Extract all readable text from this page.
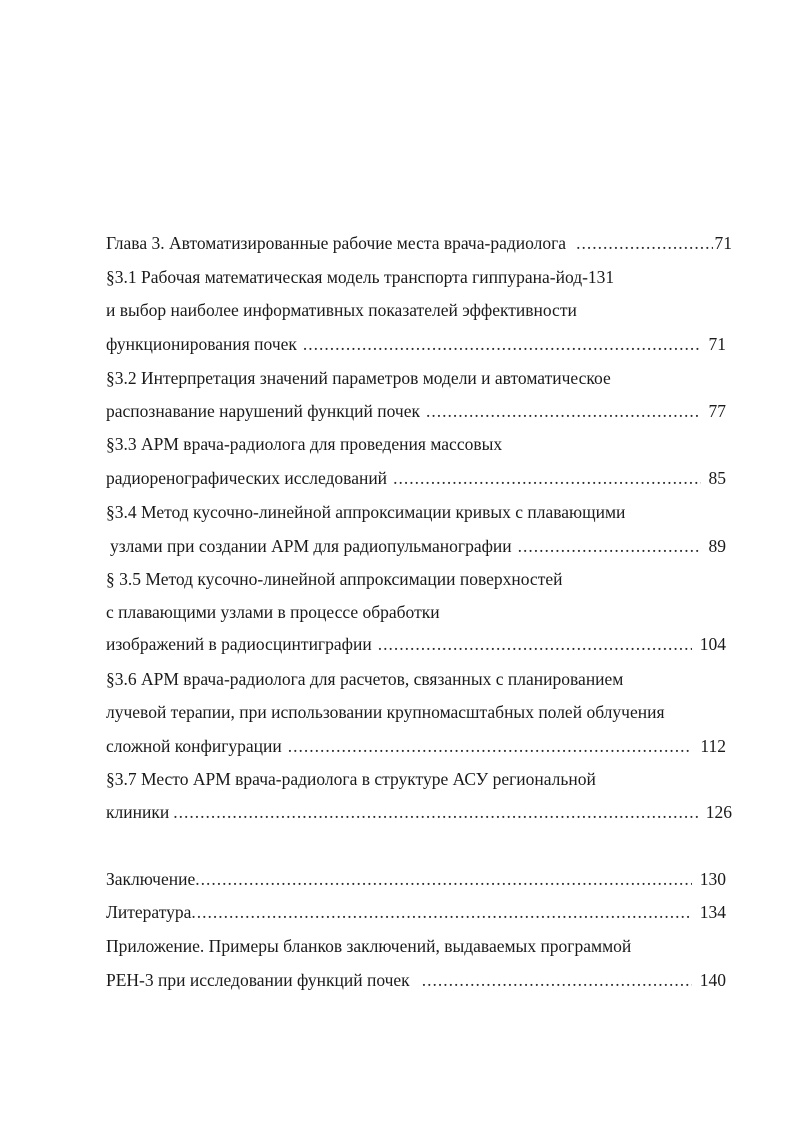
Глава 3. Автоматизированные рабочие места врача-радиолога .....	71
§3.1 Рабочая математическая модель транспорта гиппурана-йод-131
и выбор наиболее информативных показателей эффективности
функционирования почек .....	71
§3.2 Интерпретация значений параметров модели и автоматическое
распознавание нарушений функций почек .....	77
§3.3 АРМ врача-радиолога для проведения массовых
радиоренографических исследований .....	85
§3.4 Метод кусочно-линейной аппроксимации кривых с плавающими
узлами при создании АРМ для радиопульманографии .....	89
§ 3.5 Метод кусочно-линейной аппроксимации поверхностей
с плавающими узлами в процессе обработки
изображений в радиосцинтиграфии .....	104
§3.6 АРМ врача-радиолога для расчетов, связанных с планированием
лучевой терапии, при использовании крупномасштабных полей облучения
сложной конфигурации .....	112
§3.7 Место АРМ врача-радиолога в структуре АСУ региональной
клиники .....	126
Заключение .....	130
Литература .....	134
Приложение. Примеры бланков заключений, выдаваемых программой
РЕН-3 при исследовании функций почек .....	140
